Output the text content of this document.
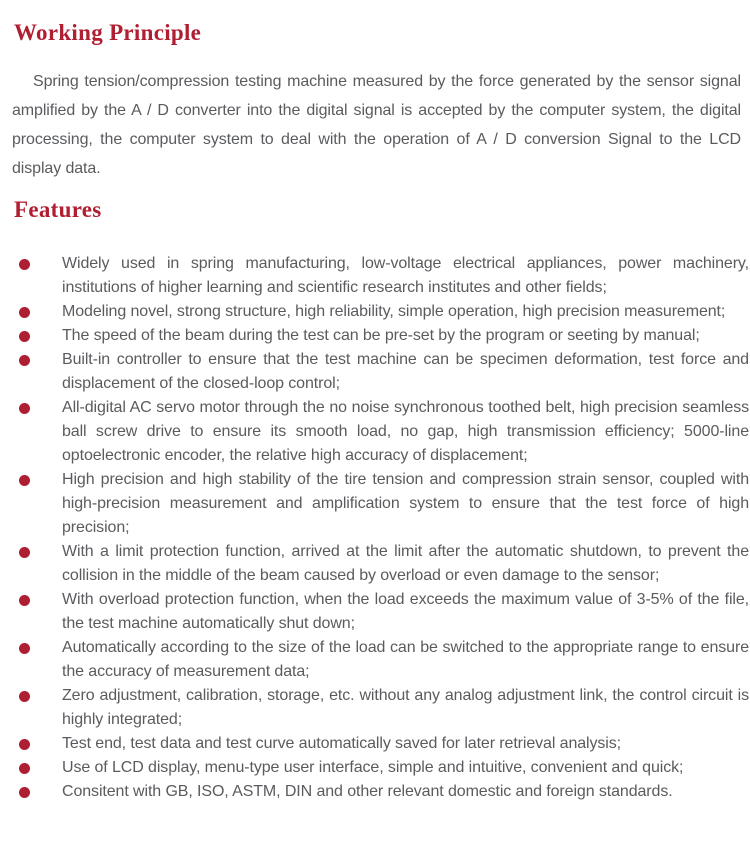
Working Principle

Spring tension/compression testing machine measured by the force generated by the sensor signal amplified by the A / D converter into the digital signal is accepted by the computer system, the digital processing, the computer system to deal with the operation of A / D conversion Signal to the LCD display data.

Features
Widely used in spring manufacturing, low-voltage electrical appliances, power machinery, institutions of higher learning and scientific research institutes and other fields;
Modeling novel, strong structure, high reliability, simple operation, high precision measurement;
The speed of the beam during the test can be pre-set by the program or seeting by manual;
Built-in controller to ensure that the test machine can be specimen deformation, test force and displacement of the closed-loop control;
All-digital AC servo motor through the no noise synchronous toothed belt, high precision seamless ball screw drive to ensure its smooth load, no gap, high transmission efficiency; 5000-line optoelectronic encoder, the relative high accuracy of displacement;
High precision and high stability of the tire tension and compression strain sensor, coupled with high-precision measurement and amplification system to ensure that the test force of high precision;
With a limit protection function, arrived at the limit after the automatic shutdown, to prevent the collision in the middle of the beam caused by overload or even damage to the sensor;
With overload protection function, when the load exceeds the maximum value of 3-5% of the file, the test machine automatically shut down;
Automatically according to the size of the load can be switched to the appropriate range to ensure the accuracy of measurement data;
Zero adjustment, calibration, storage, etc. without any analog adjustment link, the control circuit is highly integrated;
Test end, test data and test curve automatically saved for later retrieval analysis;
Use of LCD display, menu-type user interface, simple and intuitive, convenient and quick;
Consitent with GB, ISO, ASTM, DIN and other relevant domestic and foreign standards.
